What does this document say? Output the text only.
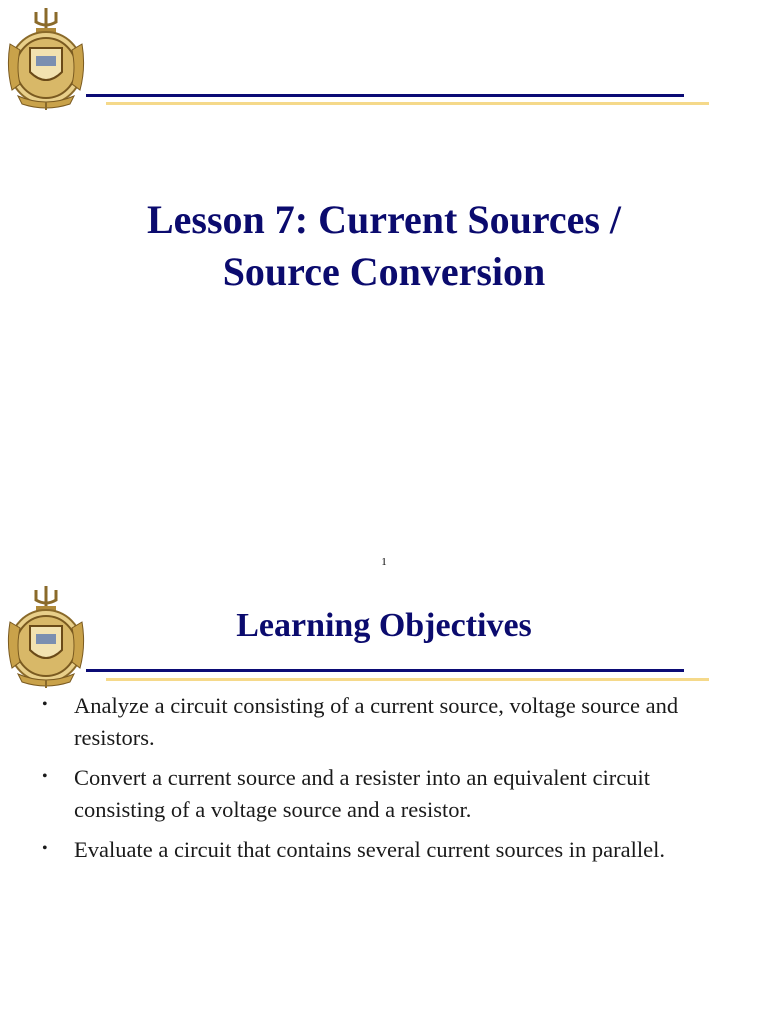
Lesson 7: Current Sources /
Source Conversion
1
Learning Objectives
• Analyze a circuit consisting of a current source, voltage source and resistors.
• Convert a current source and a resister into an equivalent circuit consisting of a voltage source and a resistor.
• Evaluate a circuit that contains several current sources in parallel.
